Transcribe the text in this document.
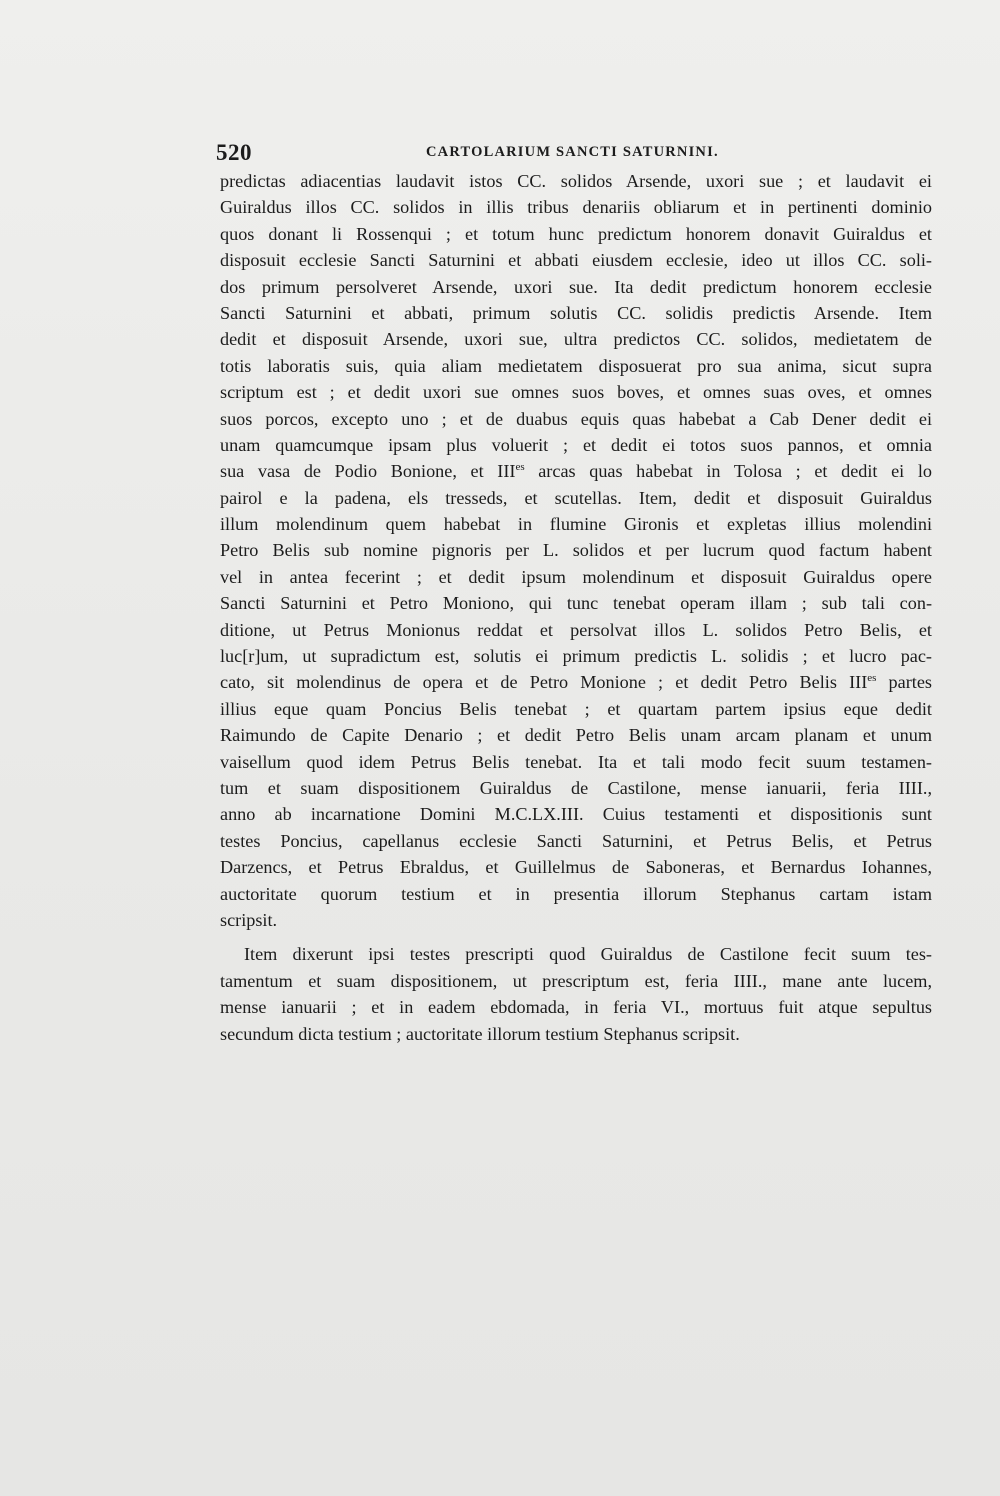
520	CARTOLARIUM SANCTI SATURNINI.
predictas adiacentias laudavit istos CC. solidos Arsende, uxori sue ; et laudavit ei
Guiraldus illos CC. solidos in illis tribus denariis obliarum et in pertinenti dominio
quos donant li Rossenqui ; et totum hunc predictum honorem donavit Guiraldus et
disposuit ecclesie Sancti Saturnini et abbati eiusdem ecclesie, ideo ut illos CC. soli-
dos primum persolveret Arsende, uxori sue. Ita dedit predictum honorem ecclesie
Sancti Saturnini et abbati, primum solutis CC. solidis predictis Arsende. Item
dedit et disposuit Arsende, uxori sue, ultra predictos CC. solidos, medietatem de
totis laboratis suis, quia aliam medietatem disposuerat pro sua anima, sicut supra
scriptum est ; et dedit uxori sue omnes suos boves, et omnes suas oves, et omnes
suos porcos, excepto uno ; et de duabus equis quas habebat a Cab Dener dedit ei
unam quamcumque ipsam plus voluerit ; et dedit ei totos suos pannos, et omnia
sua vasa de Podio Bonione, et $III^{es}$ arcas quas habebat in Tolosa ; et dedit ei lo
pairol e la padena, els tresseds, et scutellas. Item, dedit et disposuit Guiraldus
illum molendinum quem habebat in flumine Gironis et expletas illius molendini
Petro Belis sub nomine pignoris per L. solidos et per lucrum quod factum habent
vel in antea fecerint ; et dedit ipsum molendinum et disposuit Guiraldus opere
Sancti Saturnini et Petro Moniono, qui tunc tenebat operam illam ; sub tali con-
ditione, ut Petrus Monionus reddat et persolvat illos L. solidos Petro Belis, et
luc[r]um, ut supradictum est, solutis ei primum predictis L. solidis ; et lucro pac-
cato, sit molendinus de opera et de Petro Monione ; et dedit Petro Belis $III^{es}$ partes
illius eque quam Poncius Belis tenebat ; et quartam partem ipsius eque dedit
Raimundo de Capite Denario ; et dedit Petro Belis unam arcam planam et unum
vaisellum quod idem Petrus Belis tenebat. Ita et tali modo fecit suum testamen-
tum et suam dispositionem Guiraldus de Castilone, mense ianuarii, feria IIII.,
anno ab incarnatione Domini M.C.LX.III. Cuius testamenti et dispositionis sunt
testes Poncius, capellanus ecclesie Sancti Saturnini, et Petrus Belis, et Petrus
Darzencs, et Petrus Ebraldus, et Guillelmus de Saboneras, et Bernardus Iohannes,
auctoritate quorum testium et in presentia illorum Stephanus cartam istam
scripsit.
Item dixerunt ipsi testes prescripti quod Guiraldus de Castilone fecit suum tes-
tamentum et suam dispositionem, ut prescriptum est, feria IIII., mane ante lucem,
mense ianuarii ; et in eadem ebdomada, in feria VI., mortuus fuit atque sepultus
secundum dicta testium ; auctoritate illorum testium Stephanus scripsit.
